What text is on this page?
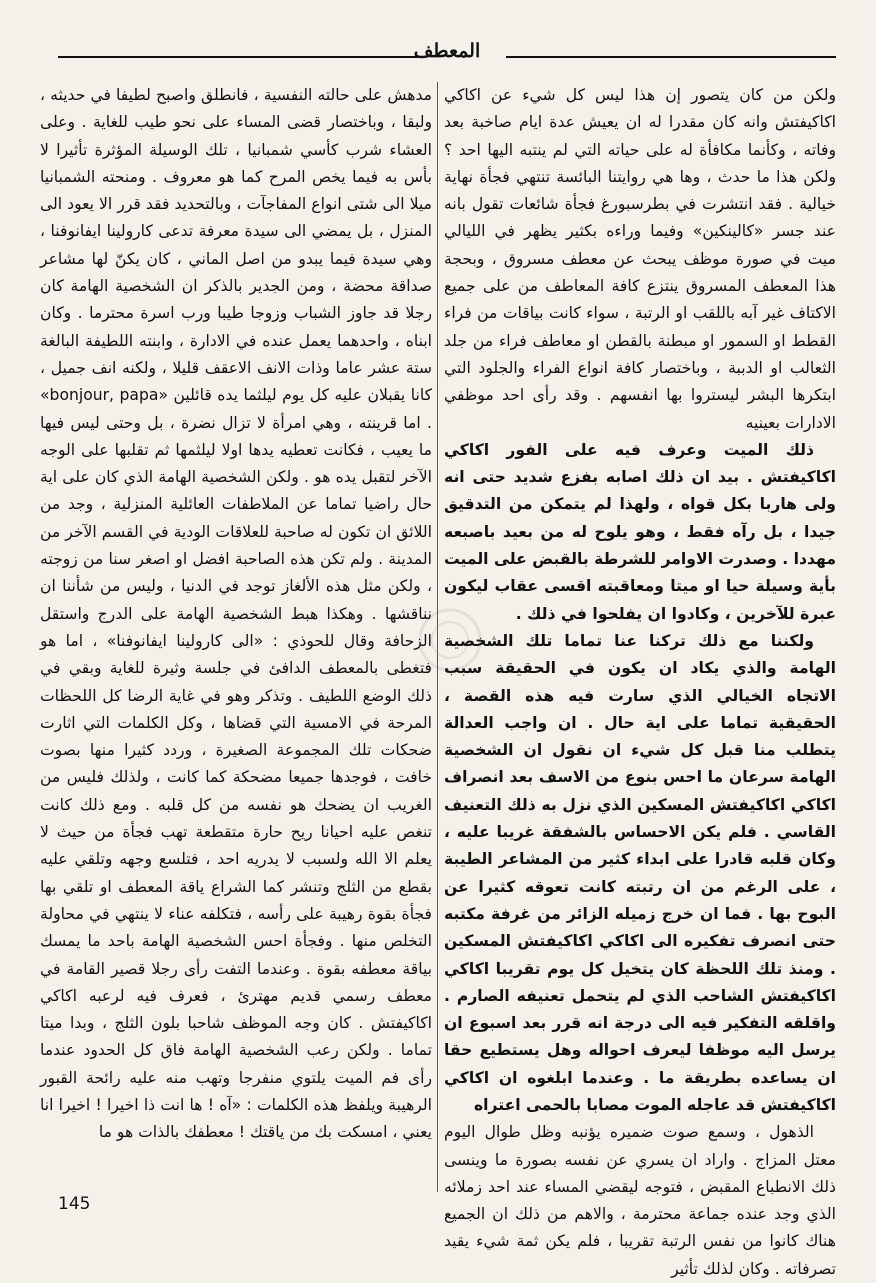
المعطف

ولكن من كان يتصور إن هذا ليس كل شيء عن اكاكي اكاكيفتش وانه كان مقدرا له ان يعيش عدة ايام صاخبة بعد وفاته ، وكأنما مكافأة له على حياته التي لم ينتبه اليها احد ؟ ولكن هذا ما حدث ، وها هي روايتنا البائسة تنتهي فجأة نهاية خيالية . فقد انتشرت في بطرسبورغ فجأة شائعات تقول بانه عند جسر «كالينكين» وفيما وراءه بكثير يظهر في الليالي ميت في صورة موظف يبحث عن معطف مسروق ، وبحجة هذا المعطف المسروق ينتزع كافة المعاطف من على جميع الاكتاف غير آبه باللقب او الرتبة ، سواء كانت بياقات من فراء القطط او السمور او مبطنة بالقطن او معاطف فراء من جلد الثعالب او الدببة ، وباختصار كافة انواع الفراء والجلود التي ابتكرها البشر ليستروا بها انفسهم . وقد رأى احد موظفي الادارات بعينيه

ذلك الميت وعرف فيه على الفور اكاكي اكاكيفتش . بيد ان ذلك اصابه بفزع شديد حتى انه ولى هاربا بكل قواه ، ولهذا لم يتمكن من التدقيق جيدا ، بل رآه فقط ، وهو يلوح له من بعيد باصبعه مهددا . وصدرت الاوامر للشرطة بالقبض على الميت بأية وسيلة حيا او ميتا ومعاقبته اقسى عقاب ليكون عبرة للآخرين ، وكادوا ان يفلحوا في ذلك .

ولكننا مع ذلك تركنا عنا تماما تلك الشخصية الهامة والذي يكاد ان يكون في الحقيقة سبب الاتجاه الخيالي الذي سارت فيه هذه القصة ، الحقيقية تماما على اية حال . ان واجب العدالة يتطلب منا قبل كل شيء ان نقول ان الشخصية الهامة سرعان ما احس بنوع من الاسف بعد انصراف اكاكي اكاكيفتش المسكين الذي نزل به ذلك التعنيف القاسي . فلم يكن الاحساس بالشفقة غريبا عليه ، وكان قلبه قادرا على ابداء كثير من المشاعر الطيبة ، على الرغم من ان رتبته كانت تعوقه كثيرا عن البوح بها . فما ان خرج زميله الزائر من غرفة مكتبه حتى انصرف تفكيره الى اكاكي اكاكيفتش المسكين . ومنذ تلك اللحظة كان يتخيل كل يوم تقريبا اكاكي اكاكيفتش الشاحب الذي لم يتحمل تعنيفه الصارم . واقلقه التفكير فيه الى درجة انه قرر بعد اسبوع ان يرسل اليه موظفا ليعرف احواله وهل يستطيع حقا ان يساعده بطريقة ما . وعندما ابلغوه ان اكاكي اكاكيفتش قد عاجله الموت مصابا بالحمى اعتراه

الذهول ، وسمع صوت ضميره يؤنبه وظل طوال اليوم معتل المزاج . واراد ان يسري عن نفسه بصورة ما وينسى ذلك الانطباع المقبض ، فتوجه ليقضي المساء عند احد زملائه الذي وجد عنده جماعة محترمة ، والاهم من ذلك ان الجميع هناك كانوا من نفس الرتبة تقريبا ، فلم يكن ثمة شيء يقيد تصرفاته . وكان لذلك تأثير

مدهش على حالته النفسية ، فانطلق واصبح لطيفا في حديثه ، ولبقا ، وباختصار قضى المساء على نحو طيب للغاية . وعلى العشاء شرب كأسي شمبانيا ، تلك الوسيلة المؤثرة تأثيرا لا بأس به فيما يخص المرح كما هو معروف . ومنحته الشمبانيا ميلا الى شتى انواع المفاجآت ، وبالتحديد فقد قرر الا يعود الى المنزل ، بل يمضي الى سيدة معرفة تدعى كارولينا ايفانوفنا ، وهي سيدة فيما يبدو من اصل الماني ، كان يكنّ لها مشاعر صداقة محضة ، ومن الجدير بالذكر ان الشخصية الهامة كان رجلا قد جاوز الشباب وزوجا طيبا ورب اسرة محترما . وكان ابناه ، واحدهما يعمل عنده في الادارة ، وابنته اللطيفة البالغة ستة عشر عاما وذات الانف الاعقف قليلا ، ولكنه انف جميل ، كانا يقبلان عليه كل يوم ليلثما يده قائلين «bonjour, papa» . اما قرينته ، وهي امرأة لا تزال نضرة ، بل وحتى ليس فيها ما يعيب ، فكانت تعطيه يدها اولا ليلثمها ثم تقلبها على الوجه الآخر لتقبل يده هو . ولكن الشخصية الهامة الذي كان على اية حال راضيا تماما عن الملاطفات العائلية المنزلية ، وجد من اللائق ان تكون له صاحبة للعلاقات الودية في القسم الآخر من المدينة . ولم تكن هذه الصاحبة افضل او اصغر سنا من زوجته ، ولكن مثل هذه الألغاز توجد في الدنيا ، وليس من شأننا ان نناقشها . وهكذا هبط الشخصية الهامة على الدرج واستقل الزحافة وقال للحوذي : «الى كارولينا ايفانوفنا» ، اما هو فتغطى بالمعطف الدافئ في جلسة وثيرة للغاية وبقي في ذلك الوضع اللطيف . وتذكر وهو في غاية الرضا كل اللحظات المرحة في الامسية التي قضاها ، وكل الكلمات التي اثارت ضحكات تلك المجموعة الصغيرة ، وردد كثيرا منها بصوت خافت ، فوجدها جميعا مضحكة كما كانت ، ولذلك فليس من الغريب ان يضحك هو نفسه من كل قلبه . ومع ذلك كانت تنغص عليه احيانا ريح حارة متقطعة تهب فجأة من حيث لا يعلم الا الله ولسبب لا يدريه احد ، فتلسع وجهه وتلقي عليه بقطع من الثلج وتنشر كما الشراع ياقة المعطف او تلقي بها فجأة بقوة رهيبة على رأسه ، فتكلفه عناء لا ينتهي في محاولة التخلص منها . وفجأة احس الشخصية الهامة باحد ما يمسك بياقة معطفه بقوة . وعندما التفت رأى رجلا قصير القامة في معطف رسمي قديم مهترئ ، فعرف فيه لرعبه اكاكي اكاكيفتش . كان وجه الموظف شاحبا بلون الثلج ، وبدا ميتا تماما . ولكن رعب الشخصية الهامة فاق كل الحدود عندما رأى فم الميت يلتوي منفرجا وتهب منه عليه رائحة القبور الرهيبة ويلفظ هذه الكلمات : «آه ! ها انت ذا اخيرا ! اخيرا انا يعني ، امسكت بك من ياقتك ! معطفك بالذات هو ما

145
